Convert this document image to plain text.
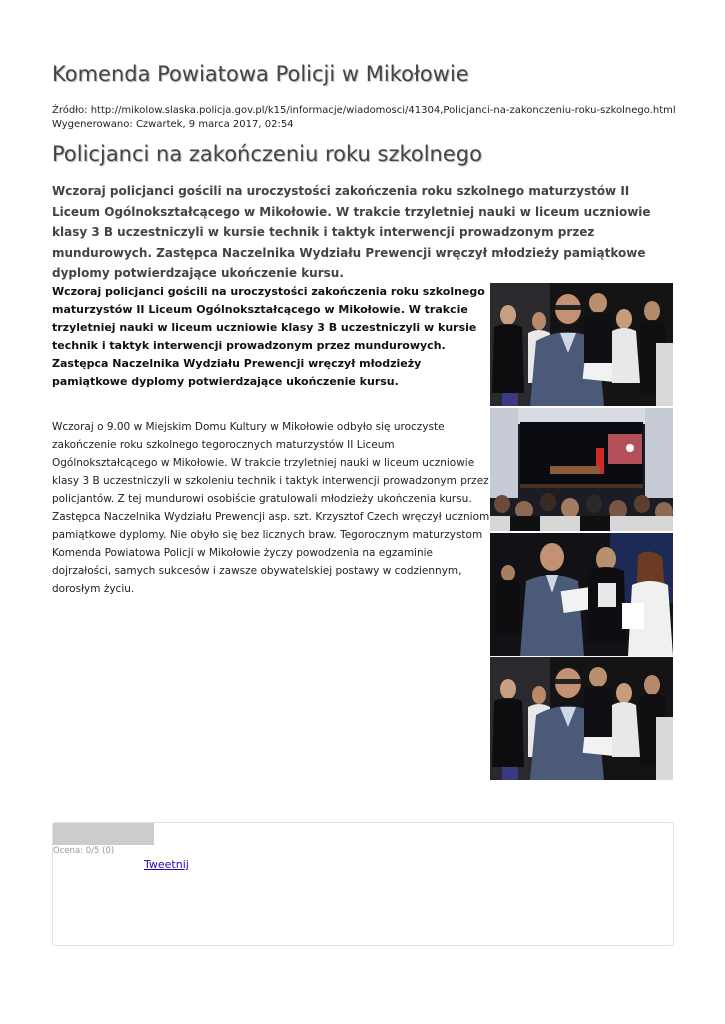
Komenda Powiatowa Policji w Mikołowie
Źródło: http://mikolow.slaska.policja.gov.pl/k15/informacje/wiadomosci/41304,Policjanci-na-zakonczeniu-roku-szkolnego.html
Wygenerowano: Czwartek, 9 marca 2017, 02:54
Policjanci na zakończeniu roku szkolnego

Wczoraj policjanci gościli na uroczystości zakończenia roku szkolnego maturzystów II Liceum Ogólnokształcącego w Mikołowie. W trakcie trzyletniej nauki w liceum uczniowie klasy 3 B uczestniczyli w kursie technik i taktyk interwencji prowadzonym przez mundurowych. Zastępca Naczelnika Wydziału Prewencji wręczył młodzieży pamiątkowe dyplomy potwierdzające ukończenie kursu.

Wczoraj policjanci gościli na uroczystości zakończenia roku szkolnego maturzystów II Liceum Ogólnokształcącego w Mikołowie. W trakcie trzyletniej nauki w liceum uczniowie klasy 3 B uczestniczyli w kursie technik i taktyk interwencji prowadzonym przez mundurowych. Zastępca Naczelnika Wydziału Prewencji wręczył młodzieży pamiątkowe dyplomy potwierdzające ukończenie kursu.

Wczoraj o 9.00 w Miejskim Domu Kultury w Mikołowie odbyło się uroczyste zakończenie roku szkolnego tegorocznych maturzystów II Liceum Ogólnokształcącego w Mikołowie. W trakcie trzyletniej nauki w liceum uczniowie klasy 3 B uczestniczyli w szkoleniu technik i taktyk interwencji prowadzonym przez policjantów. Z tej mundurowi osobiście gratulowali młodzieży ukończenia kursu. Zastępca Naczelnika Wydziału Prewencji asp. szt. Krzysztof Czech wręczył uczniom pamiątkowe dyplomy. Nie obyło się bez licznych braw. Tegorocznym maturzystom Komenda Powiatowa Policji w Mikołowie życzy powodzenia na egzaminie dojrzałości, samych sukcesów i zawsze obywatelskiej postawy w codziennym, dorosłym życiu.

Ocena: 0/5 (0)
Tweetnij
